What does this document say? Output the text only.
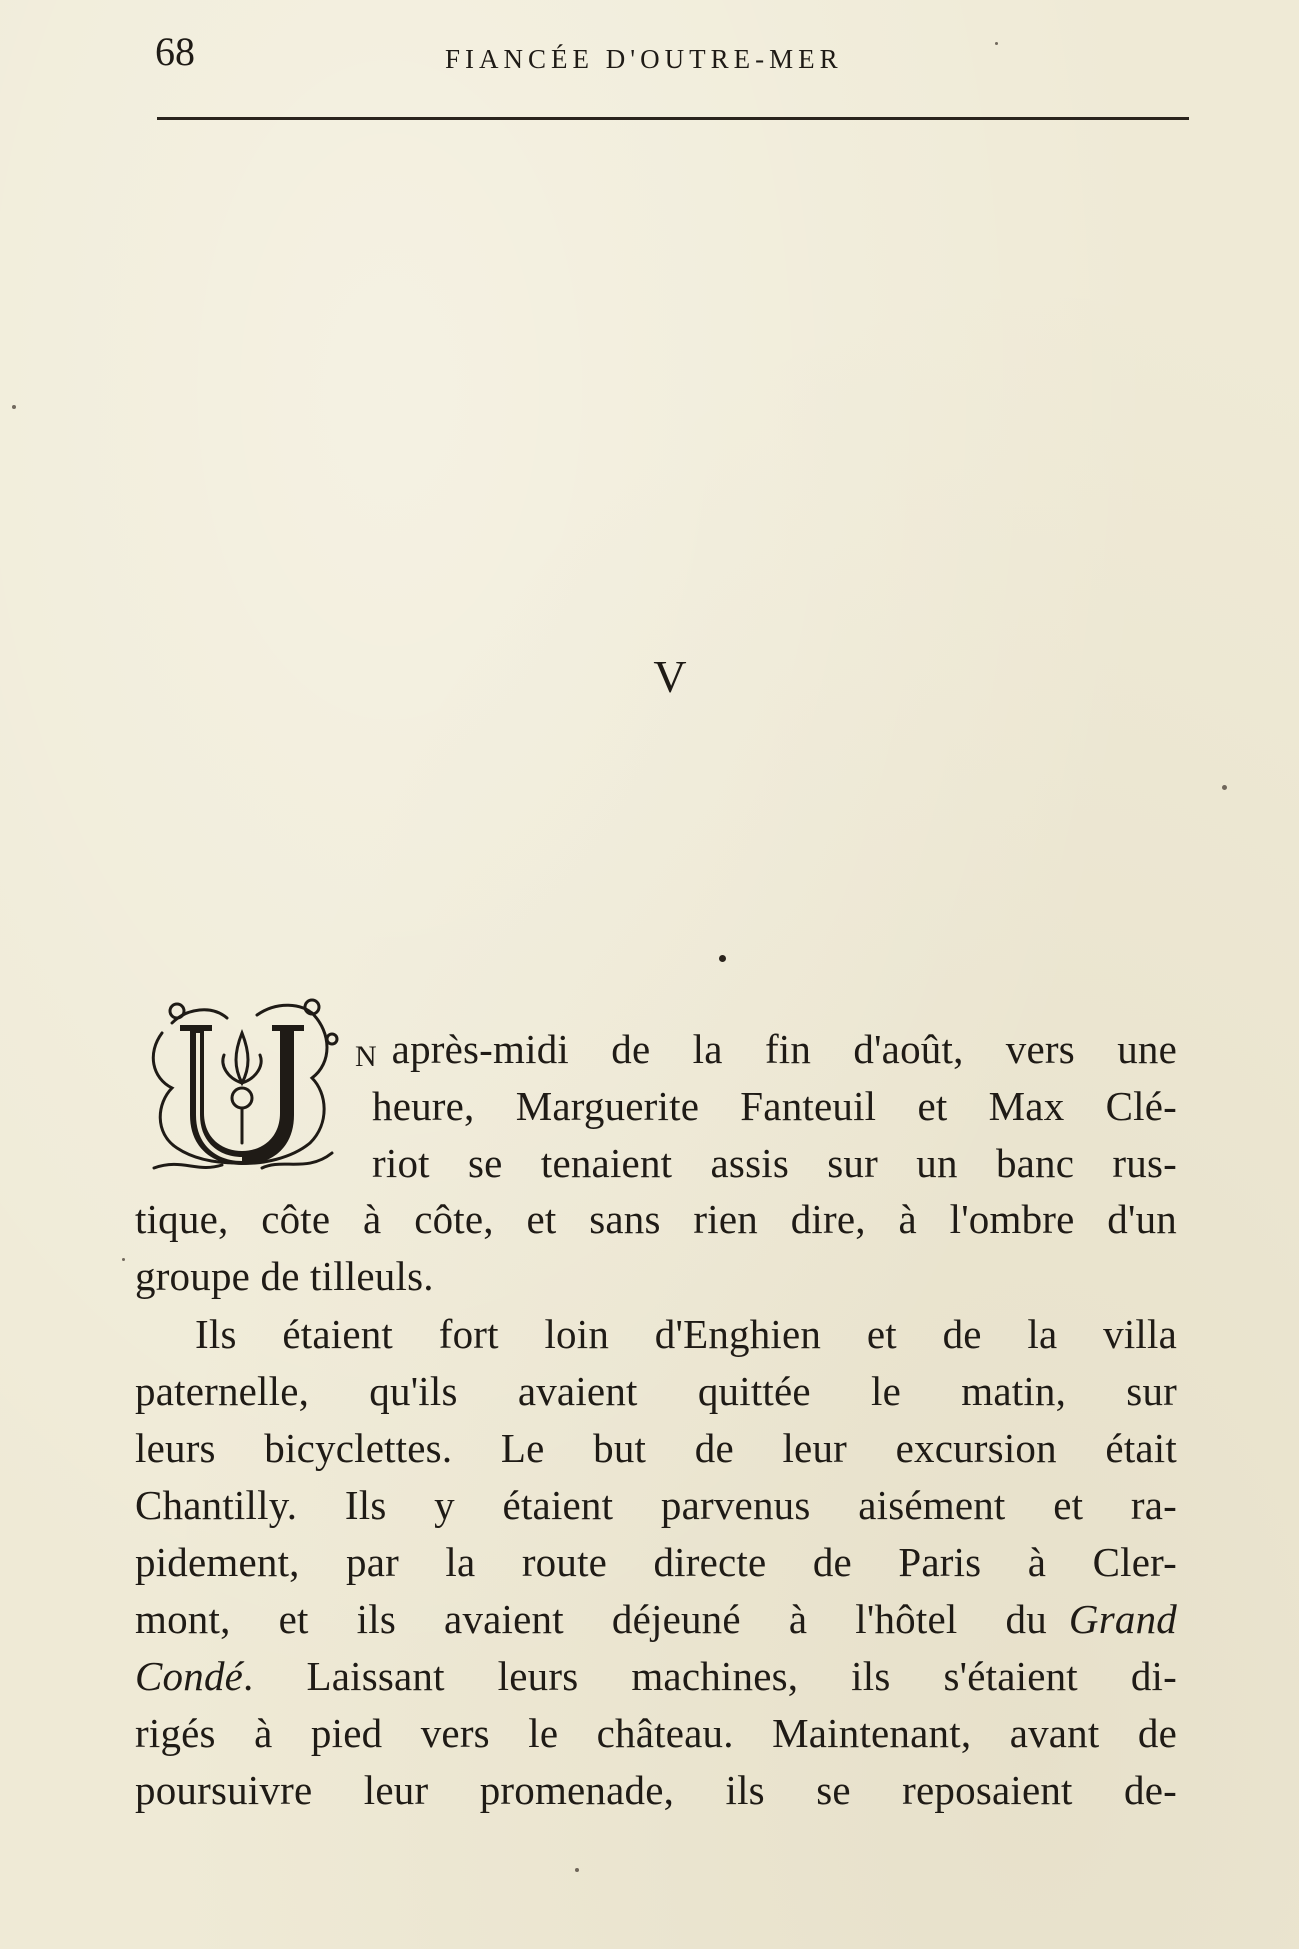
68	FIANCÉE D'OUTRE-MER
V
N après-midi de la fin d'août, vers une
heure, Marguerite Fanteuil et Max Clé-
riot se tenaient assis sur un banc rus-
tique, côte à côte, et sans rien dire, à l'ombre d'un
groupe de tilleuls.
Ils étaient fort loin d'Enghien et de la villa
paternelle, qu'ils avaient quittée le matin, sur
leurs bicyclettes. Le but de leur excursion était
Chantilly. Ils y étaient parvenus aisément et ra-
pidement, par la route directe de Paris à Cler-
mont, et ils avaient déjeuné à l'hôtel du Grand
Condé . Laissant leurs machines, ils s'étaient di-
rigés à pied vers le château. Maintenant, avant de
poursuivre leur promenade, ils se reposaient de-
